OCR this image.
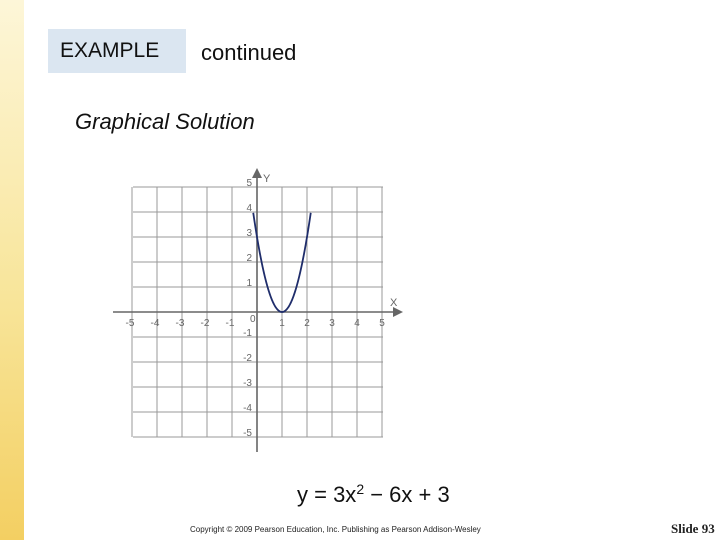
EXAMPLE	continued
Graphical Solution
X
Y
-5 -4 -3 -2 -1	1 2 3 4 5
5
4
3
2
1
-1
-2
-3
-4
-5
0
$y = 3x^2 - 6x + 3$
Copyright © 2009 Pearson Education, Inc. Publishing as Pearson Addison-Wesley	Slide 93
